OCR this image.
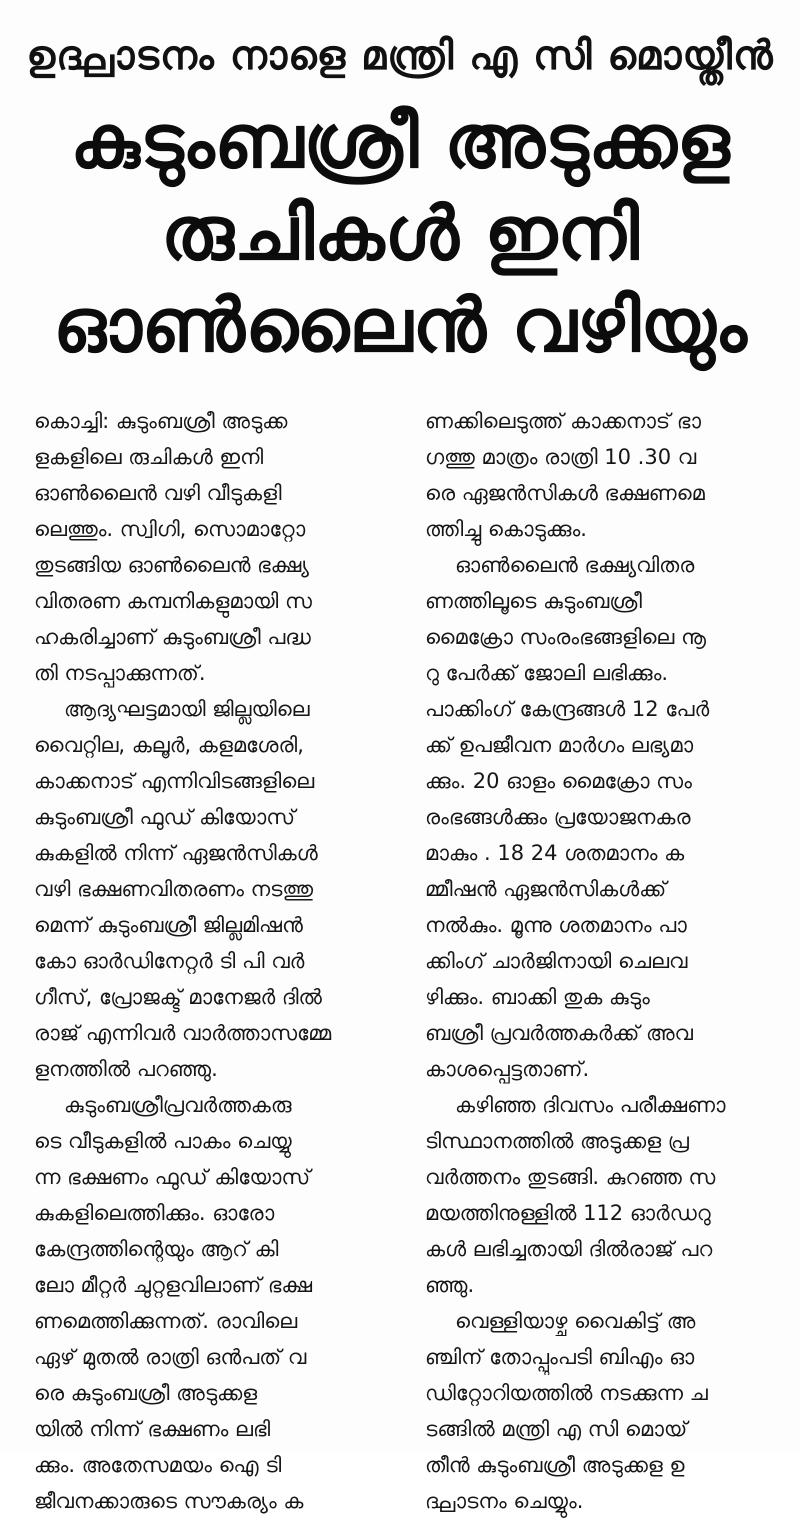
ഉദ്ഘാടനം നാളെ മന്ത്രി എ സി മൊയ്തീൻ
കുടുംബശ്രീ അടുക്കള
രുചികൾ ഇനി
ഓൺലൈൻ വഴിയും
കൊച്ചി: കുടുംബശ്രീ അടുക്ക
ളകളിലെ രുചികൾ ഇനി
ഓൺലൈൻ വഴി വീടുകളി
ലെത്തും. സ്വിഗി, സൊമാറ്റോ
തുടങ്ങിയ ഓൺലൈൻ ഭക്ഷ്യ
വിതരണ കമ്പനികളുമായി സ
ഹകരിച്ചാണ് കുടുംബശ്രീ പദ്ധ
തി നടപ്പാക്കുന്നത്.
ആദ്യഘട്ടമായി ജില്ലയിലെ
വൈറ്റില, കലൂർ, കളമശേരി,
കാക്കനാട് എന്നിവിടങ്ങളിലെ
കുടുംബശ്രീ ഫുഡ് കിയോസ്
കുകളിൽ നിന്ന് ഏജൻസികൾ
വഴി ഭക്ഷണവിതരണം നടത്തു
മെന്ന് കുടുംബശ്രീ ജില്ലമിഷൻ
കോ ഓർഡിനേറ്റർ ടി പി വർ
ഗീസ്, പ്രോജക്ട് മാനേജർ ദിൽ
രാജ് എന്നിവർ വാർത്താസമ്മേ
ളനത്തിൽ പറഞ്ഞു.
കുടുംബശ്രീപ്രവർത്തകരു
ടെ വീടുകളിൽ പാകം ചെയ്യു
ന്ന ഭക്ഷണം ഫുഡ് കിയോസ്
കുകളിലെത്തിക്കും. ഓരോ
കേന്ദ്രത്തിന്റെയും ആറ് കി
ലോ മീറ്റർ ചുറ്റളവിലാണ് ഭക്ഷ
ണമെത്തിക്കുന്നത്. രാവിലെ
ഏഴ് മുതൽ രാത്രി ഒൻപത് വ
രെ കുടുംബശ്രീ അടുക്കള
യിൽ നിന്ന് ഭക്ഷണം ലഭി
ക്കും. അതേസമയം ഐ ടി
ജീവനക്കാരുടെ സൗകര്യം ക
ണക്കിലെടുത്ത് കാക്കനാട് ഭാ
ഗത്തു മാത്രം രാത്രി 10 .30 വ
രെ ഏജൻസികൾ ഭക്ഷണമെ
ത്തിച്ചു കൊടുക്കും.
ഓൺലൈൻ ഭക്ഷ്യവിതര
ണത്തിലൂടെ കുടുംബശ്രീ
മൈക്രോ സംരംഭങ്ങളിലെ നൂ
റു പേർക്ക് ജോലി ലഭിക്കും.
പാക്കിംഗ് കേന്ദ്രങ്ങൾ 12 പേർ
ക്ക് ഉപജീവന മാർഗം ലഭ്യമാ
ക്കും. 20 ഓളം മൈക്രോ സം
രംഭങ്ങൾക്കും പ്രയോജനകര
മാകും . 18 24 ശതമാനം ക
മ്മീഷൻ ഏജൻസികൾക്ക്
നൽകും. മൂന്നു ശതമാനം പാ
ക്കിംഗ് ചാർജിനായി ചെലവ
ഴിക്കും. ബാക്കി തുക കുടും
ബശ്രീ പ്രവർത്തകർക്ക് അവ
കാശപ്പെട്ടതാണ്.
കഴിഞ്ഞ ദിവസം പരീക്ഷണാ
ടിസ്ഥാനത്തിൽ അടുക്കള പ്ര
വർത്തനം തുടങ്ങി. കുറഞ്ഞ സ
മയത്തിനുള്ളിൽ 112 ഓർഡറു
കൾ ലഭിച്ചതായി ദിൽരാജ് പറ
ഞ്ഞു.
വെള്ളിയാഴ്ച വൈകിട്ട് അ
ഞ്ചിന് തോപ്പുംപടി ബിഎം ഓ
ഡിറ്റോറിയത്തിൽ നടക്കുന്ന ച
ടങ്ങിൽ മന്ത്രി എ സി മൊയ്
തീൻ കുടുംബശ്രീ അടുക്കള ഉ
ദ്ഘാടനം ചെയ്യും.
